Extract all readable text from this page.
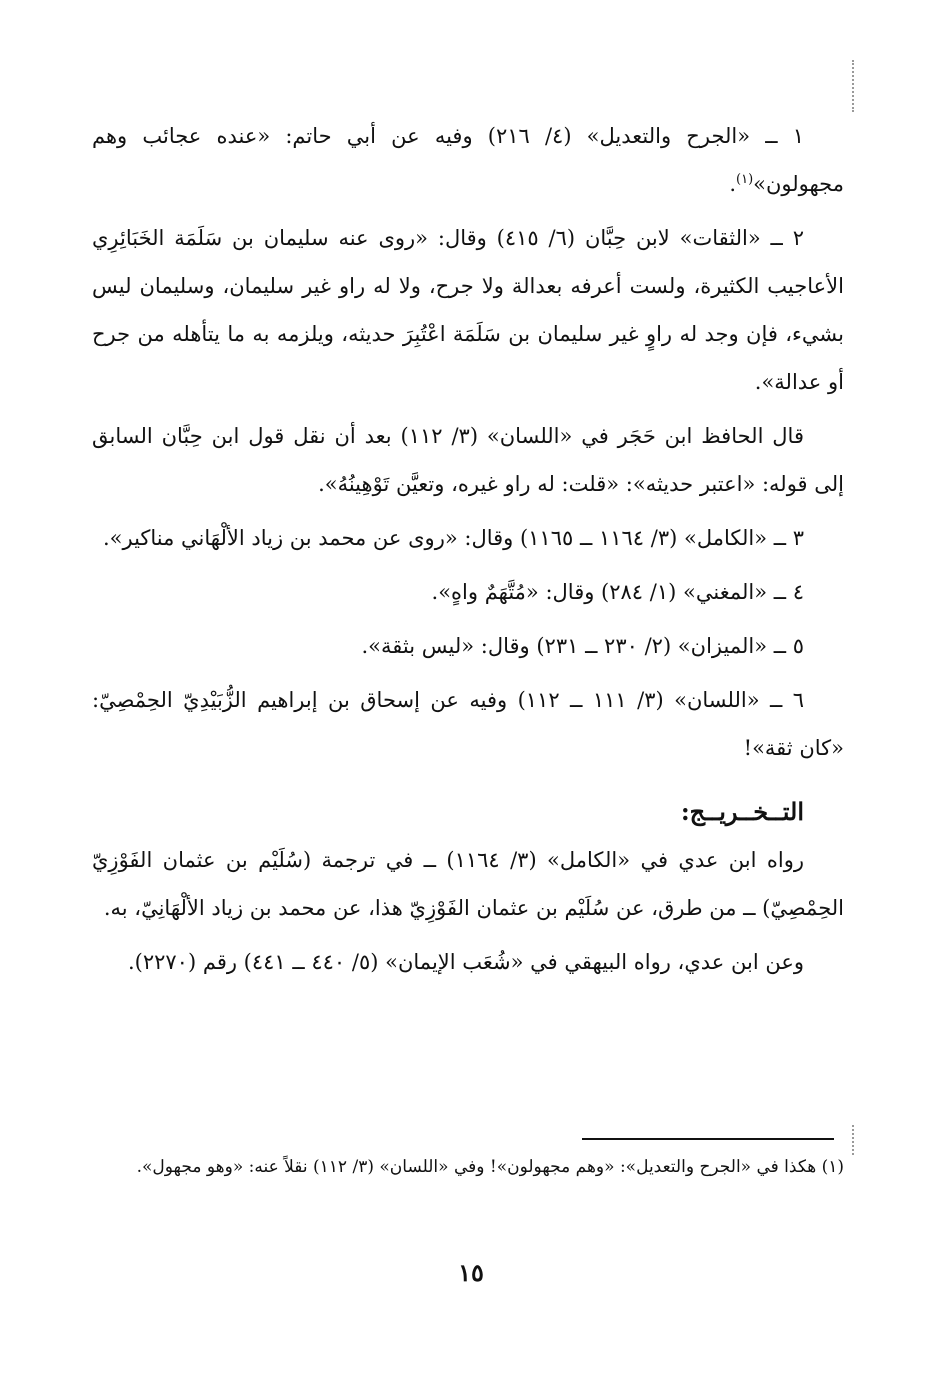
١ ــ «الجرح والتعديل» (٤/ ٢١٦) وفيه عن أبي حاتم: «عنده عجائب وهم مجهولون»$^{(١)}$.

٢ ــ «الثقات» لابن حِبَّان (٦/ ٤١٥) وقال: «روى عنه سليمان بن سَلَمَة الخَبَائِرِي الأعاجيب الكثيرة، ولست أعرفه بعدالة ولا جرح، ولا له راو غير سليمان، وسليمان ليس بشيء، فإن وجد له راوٍ غير سليمان بن سَلَمَة اعْتُبِرَ حديثه، ويلزمه به ما يتأهله من جرح أو عدالة».

قال الحافظ ابن حَجَر في «اللسان» (٣/ ١١٢) بعد أن نقل قول ابن حِبَّان السابق إلى قوله: «اعتبر حديثه»: «قلت: له راو غيره، وتعيَّن تَوْهِينُهُ».

٣ ــ «الكامل» (٣/ ١١٦٤ ــ ١١٦٥) وقال: «روى عن محمد بن زياد الألْهَاني مناكير».

٤ ــ «المغني» (١/ ٢٨٤) وقال: «مُتَّهَمٌ واهٍ».

٥ ــ «الميزان» (٢/ ٢٣٠ ــ ٢٣١) وقال: «ليس بثقة».

٦ ــ «اللسان» (٣/ ١١١ ــ ١١٢) وفيه عن إسحاق بن إبراهيم الزُّبَيْدِيّ الحِمْصِيّ: «كان ثقة»!

التــخــريــج:

رواه ابن عدي في «الكامل» (٣/ ١١٦٤) ــ في ترجمة (سُلَيْم بن عثمان الفَوْزِيّ الحِمْصِيّ) ــ من طرق، عن سُلَيْم بن عثمان الفَوْزِيّ هذا، عن محمد بن زياد الألْهَانِيّ، به.

وعن ابن عدي، رواه البيهقي في «شُعَب الإيمان» (٥/ ٤٤٠ ــ ٤٤١) رقم (٢٢٧٠).

(١) هكذا في «الجرح والتعديل»: «وهم مجهولون»! وفي «اللسان» (٣/ ١١٢) نقلاً عنه: «وهو مجهول».
١٥
